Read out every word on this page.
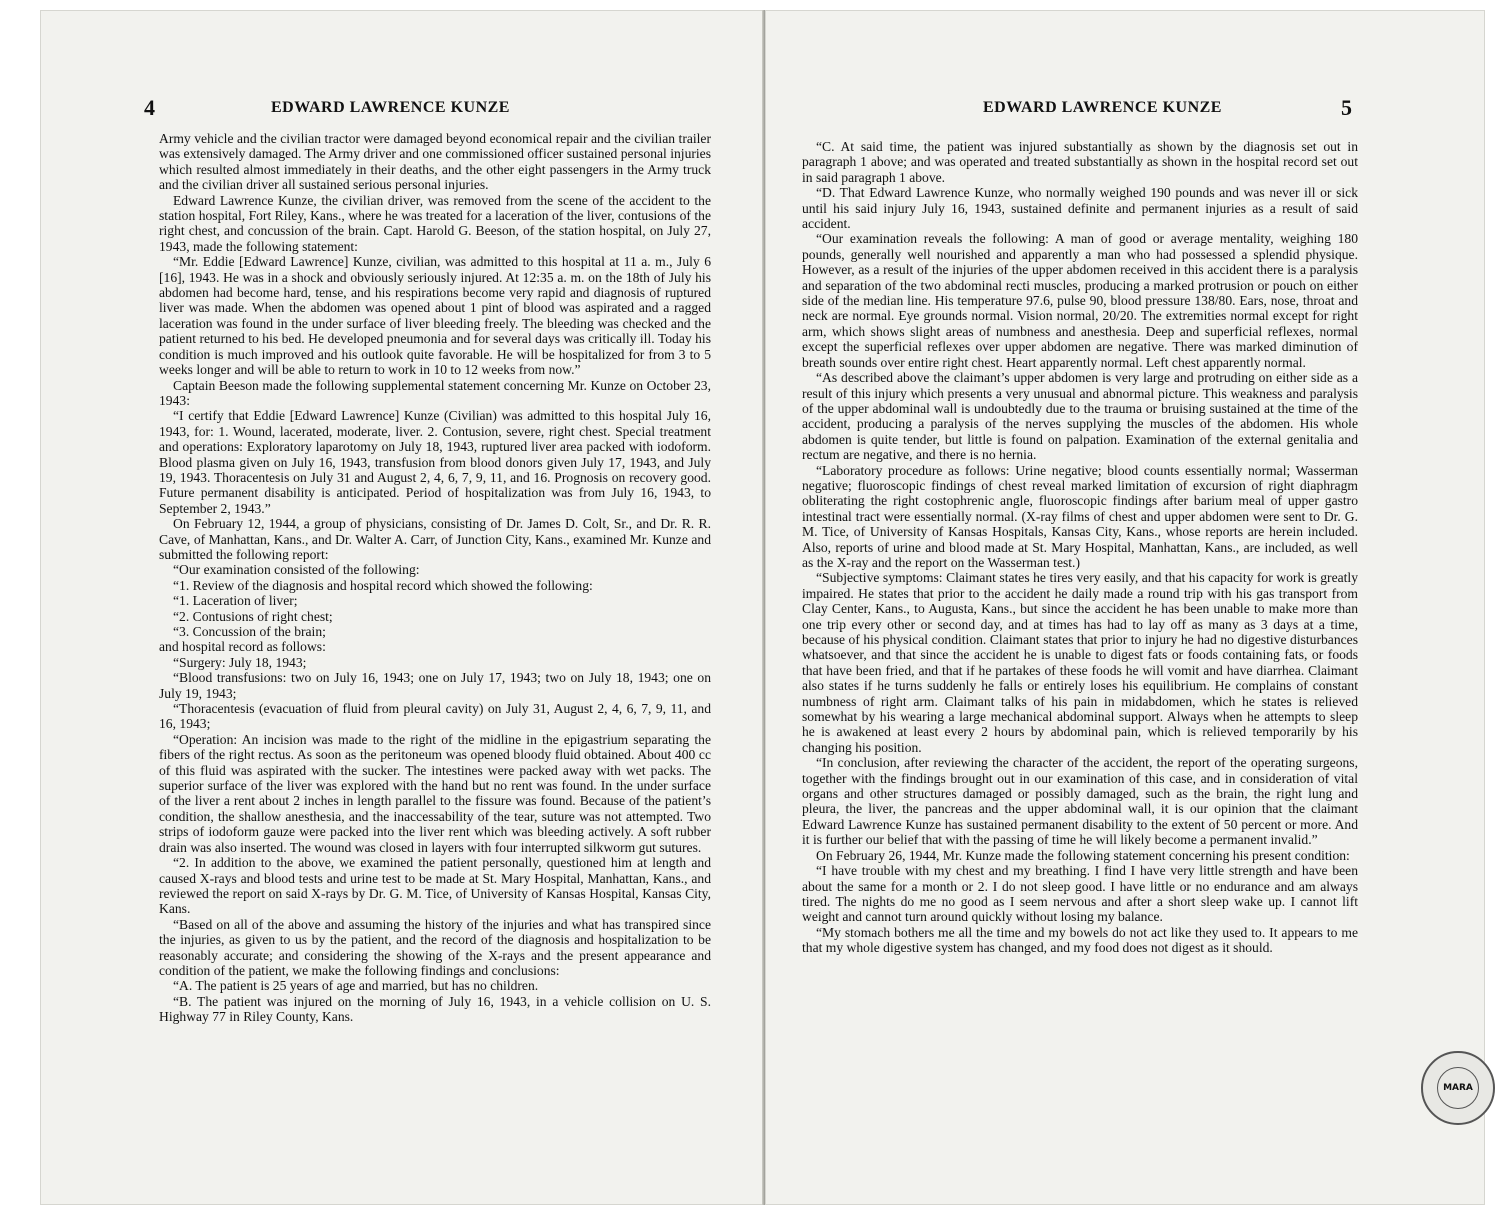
4	EDWARD LAWRENCE KUNZE

Army vehicle and the civilian tractor were damaged beyond economical repair and the civilian trailer was extensively damaged. The Army driver and one commissioned officer sustained personal injuries which resulted almost immediately in their deaths, and the other eight passengers in the Army truck and the civilian driver all sustained serious personal injuries.

Edward Lawrence Kunze, the civilian driver, was removed from the scene of the accident to the station hospital, Fort Riley, Kans., where he was treated for a laceration of the liver, contusions of the right chest, and concussion of the brain. Capt. Harold G. Beeson, of the station hospital, on July 27, 1943, made the following statement:

“Mr. Eddie [Edward Lawrence] Kunze, civilian, was admitted to this hospital at 11 a. m., July 6 [16], 1943. He was in a shock and obviously seriously injured. At 12:35 a. m. on the 18th of July his abdomen had become hard, tense, and his respirations become very rapid and diagnosis of ruptured liver was made. When the abdomen was opened about 1 pint of blood was aspirated and a ragged laceration was found in the under surface of liver bleeding freely. The bleeding was checked and the patient returned to his bed. He developed pneumonia and for several days was critically ill. Today his condition is much improved and his outlook quite favorable. He will be hospitalized for from 3 to 5 weeks longer and will be able to return to work in 10 to 12 weeks from now.”

Captain Beeson made the following supplemental statement concerning Mr. Kunze on October 23, 1943:

“I certify that Eddie [Edward Lawrence] Kunze (Civilian) was admitted to this hospital July 16, 1943, for: 1. Wound, lacerated, moderate, liver. 2. Contusion, severe, right chest. Special treatment and operations: Exploratory laparotomy on July 18, 1943, ruptured liver area packed with iodoform. Blood plasma given on July 16, 1943, transfusion from blood donors given July 17, 1943, and July 19, 1943. Thoracentesis on July 31 and August 2, 4, 6, 7, 9, 11, and 16. Prognosis on recovery good. Future permanent disability is anticipated. Period of hospitalization was from July 16, 1943, to September 2, 1943.”

On February 12, 1944, a group of physicians, consisting of Dr. James D. Colt, Sr., and Dr. R. R. Cave, of Manhattan, Kans., and Dr. Walter A. Carr, of Junction City, Kans., examined Mr. Kunze and submitted the following report:

“Our examination consisted of the following:

“1. Review of the diagnosis and hospital record which showed the following:

“1. Laceration of liver;

“2. Contusions of right chest;

“3. Concussion of the brain;

and hospital record as follows:

“Surgery: July 18, 1943;

“Blood transfusions: two on July 16, 1943; one on July 17, 1943; two on July 18, 1943; one on July 19, 1943;

“Thoracentesis (evacuation of fluid from pleural cavity) on July 31, August 2, 4, 6, 7, 9, 11, and 16, 1943;

“Operation: An incision was made to the right of the midline in the epigastrium separating the fibers of the right rectus. As soon as the peritoneum was opened bloody fluid obtained. About 400 cc of this fluid was aspirated with the sucker. The intestines were packed away with wet packs. The superior surface of the liver was explored with the hand but no rent was found. In the under surface of the liver a rent about 2 inches in length parallel to the fissure was found. Because of the patient’s condition, the shallow anesthesia, and the inaccessability of the tear, suture was not attempted. Two strips of iodoform gauze were packed into the liver rent which was bleeding actively. A soft rubber drain was also inserted. The wound was closed in layers with four interrupted silkworm gut sutures.

“2. In addition to the above, we examined the patient personally, questioned him at length and caused X-rays and blood tests and urine test to be made at St. Mary Hospital, Manhattan, Kans., and reviewed the report on said X-rays by Dr. G. M. Tice, of University of Kansas Hospital, Kansas City, Kans.

“Based on all of the above and assuming the history of the injuries and what has transpired since the injuries, as given to us by the patient, and the record of the diagnosis and hospitalization to be reasonably accurate; and considering the showing of the X-rays and the present appearance and condition of the patient, we make the following findings and conclusions:

“A. The patient is 25 years of age and married, but has no children.

“B. The patient was injured on the morning of July 16, 1943, in a vehicle collision on U. S. Highway 77 in Riley County, Kans.

EDWARD LAWRENCE KUNZE	5

“C. At said time, the patient was injured substantially as shown by the diagnosis set out in paragraph 1 above; and was operated and treated substantially as shown in the hospital record set out in said paragraph 1 above.

“D. That Edward Lawrence Kunze, who normally weighed 190 pounds and was never ill or sick until his said injury July 16, 1943, sustained definite and permanent injuries as a result of said accident.

“Our examination reveals the following: A man of good or average mentality, weighing 180 pounds, generally well nourished and apparently a man who had possessed a splendid physique. However, as a result of the injuries of the upper abdomen received in this accident there is a paralysis and separation of the two abdominal recti muscles, producing a marked protrusion or pouch on either side of the median line. His temperature 97.6, pulse 90, blood pressure 138/80. Ears, nose, throat and neck are normal. Eye grounds normal. Vision normal, 20/20. The extremities normal except for right arm, which shows slight areas of numbness and anesthesia. Deep and superficial reflexes, normal except the superficial reflexes over upper abdomen are negative. There was marked diminution of breath sounds over entire right chest. Heart apparently normal. Left chest apparently normal.

“As described above the claimant’s upper abdomen is very large and protruding on either side as a result of this injury which presents a very unusual and abnormal picture. This weakness and paralysis of the upper abdominal wall is undoubtedly due to the trauma or bruising sustained at the time of the accident, producing a paralysis of the nerves supplying the muscles of the abdomen. His whole abdomen is quite tender, but little is found on palpation. Examination of the external genitalia and rectum are negative, and there is no hernia.

“Laboratory procedure as follows: Urine negative; blood counts essentially normal; Wasserman negative; fluoroscopic findings of chest reveal marked limitation of excursion of right diaphragm obliterating the right costophrenic angle, fluoroscopic findings after barium meal of upper gastro intestinal tract were essentially normal. (X-ray films of chest and upper abdomen were sent to Dr. G. M. Tice, of University of Kansas Hospitals, Kansas City, Kans., whose reports are herein included. Also, reports of urine and blood made at St. Mary Hospital, Manhattan, Kans., are included, as well as the X-ray and the report on the Wasserman test.)

“Subjective symptoms: Claimant states he tires very easily, and that his capacity for work is greatly impaired. He states that prior to the accident he daily made a round trip with his gas transport from Clay Center, Kans., to Augusta, Kans., but since the accident he has been unable to make more than one trip every other or second day, and at times has had to lay off as many as 3 days at a time, because of his physical condition. Claimant states that prior to injury he had no digestive disturbances whatsoever, and that since the accident he is unable to digest fats or foods containing fats, or foods that have been fried, and that if he partakes of these foods he will vomit and have diarrhea. Claimant also states if he turns suddenly he falls or entirely loses his equilibrium. He complains of constant numbness of right arm. Claimant talks of his pain in midabdomen, which he states is relieved somewhat by his wearing a large mechanical abdominal support. Always when he attempts to sleep he is awakened at least every 2 hours by abdominal pain, which is relieved temporarily by his changing his position.

“In conclusion, after reviewing the character of the accident, the report of the operating surgeons, together with the findings brought out in our examination of this case, and in consideration of vital organs and other structures damaged or possibly damaged, such as the brain, the right lung and pleura, the liver, the pancreas and the upper abdominal wall, it is our opinion that the claimant Edward Lawrence Kunze has sustained permanent disability to the extent of 50 percent or more. And it is further our belief that with the passing of time he will likely become a permanent invalid.”

On February 26, 1944, Mr. Kunze made the following statement concerning his present condition:

“I have trouble with my chest and my breathing. I find I have very little strength and have been about the same for a month or 2. I do not sleep good. I have little or no endurance and am always tired. The nights do me no good as I seem nervous and after a short sleep wake up. I cannot lift weight and cannot turn around quickly without losing my balance.

“My stomach bothers me all the time and my bowels do not act like they used to. It appears to me that my whole digestive system has changed, and my food does not digest as it should.

MARA
